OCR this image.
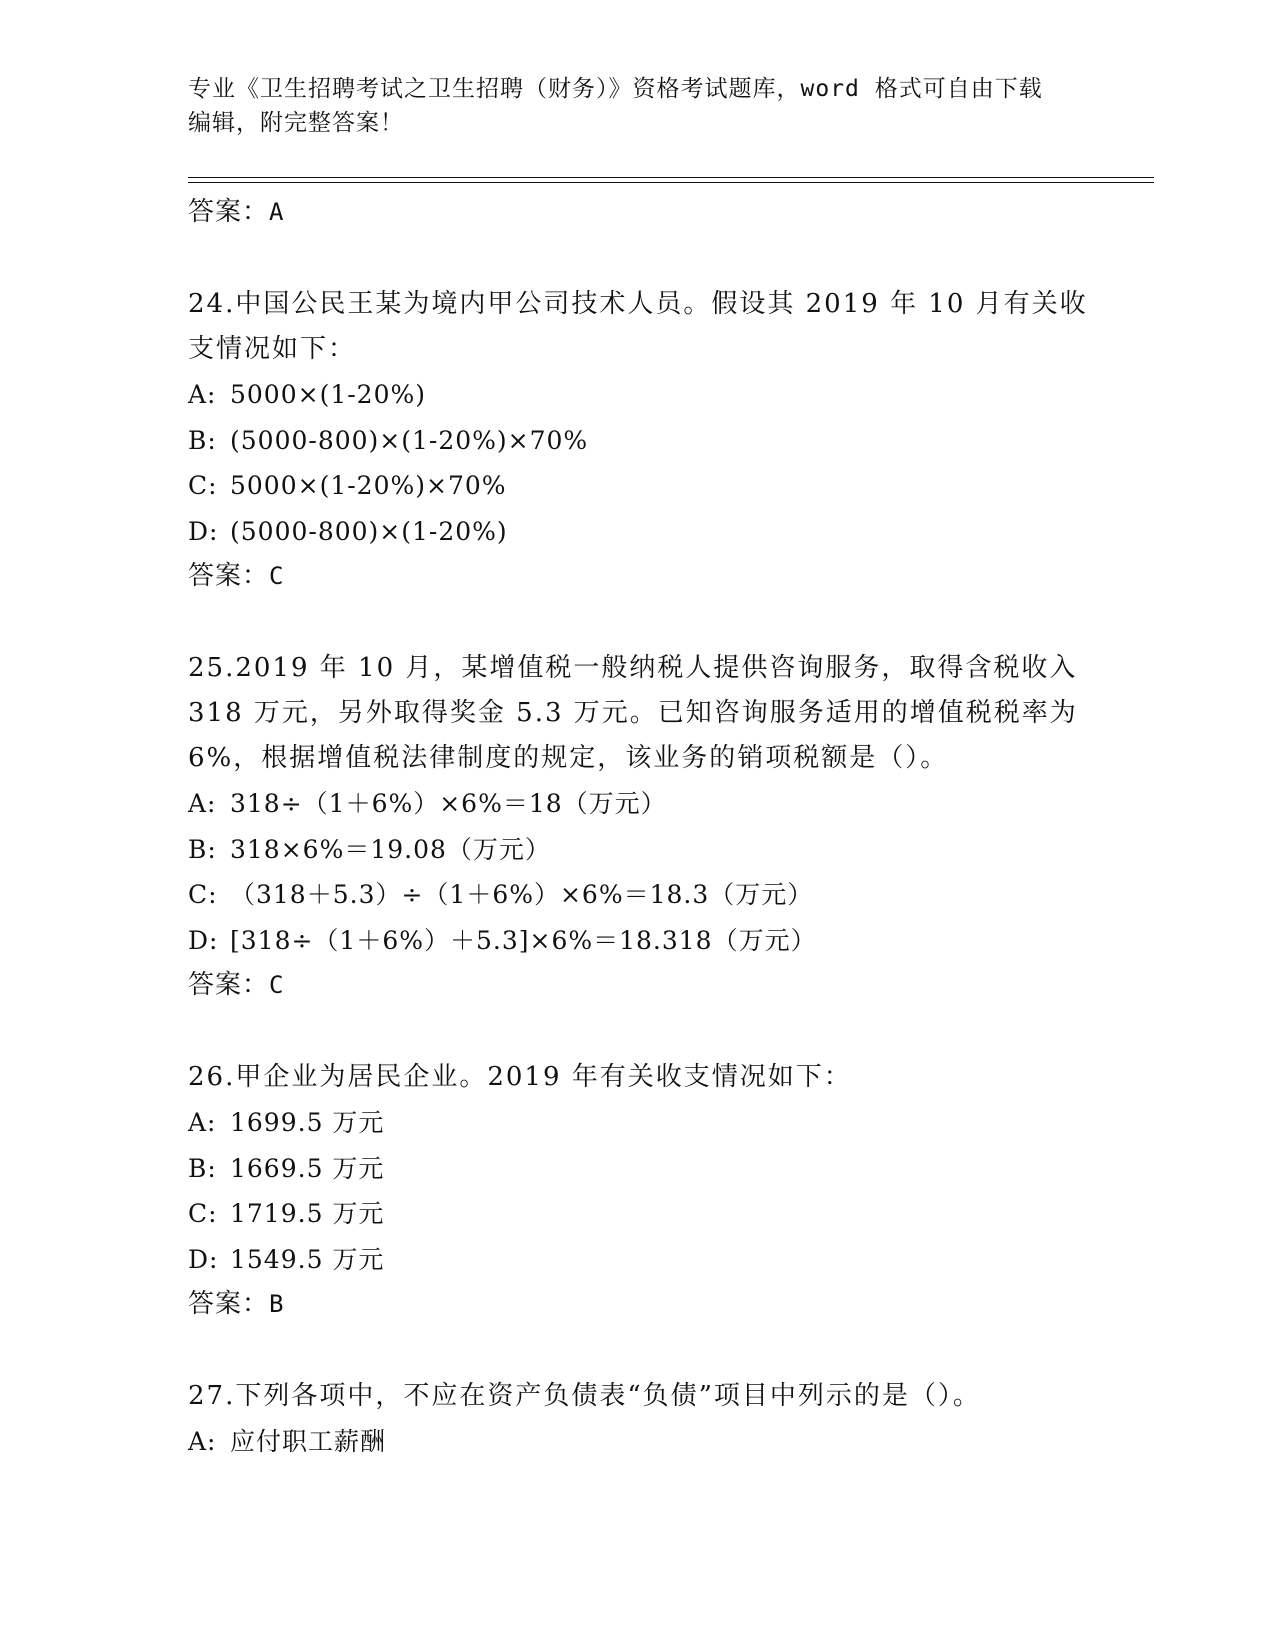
专业《卫生招聘考试之卫生招聘（财务）》资格考试题库，word 格式可自由下载
编辑，附完整答案！
答案：A
24.中国公民王某为境内甲公司技术人员。假设其 2019 年 10 月有关收支情况如下：
A: 5000×(1-20%)
B: (5000-800)×(1-20%)×70%
C: 5000×(1-20%)×70%
D: (5000-800)×(1-20%)
答案：C
25.2019 年 10 月，某增值税一般纳税人提供咨询服务，取得含税收入 318 万元，另外取得奖金 5.3 万元。已知咨询服务适用的增值税税率为 6%，根据增值税法律制度的规定，该业务的销项税额是（）。
A: 318÷（1＋6%）×6%＝18（万元）
B: 318×6%＝19.08（万元）
C: （318＋5.3）÷（1＋6%）×6%＝18.3（万元）
D: [318÷（1＋6%）＋5.3]×6%＝18.318（万元）
答案：C
26.甲企业为居民企业。2019 年有关收支情况如下：
A: 1699.5 万元
B: 1669.5 万元
C: 1719.5 万元
D: 1549.5 万元
答案：B
27.下列各项中，不应在资产负债表“负债”项目中列示的是（）。
A: 应付职工薪酬
